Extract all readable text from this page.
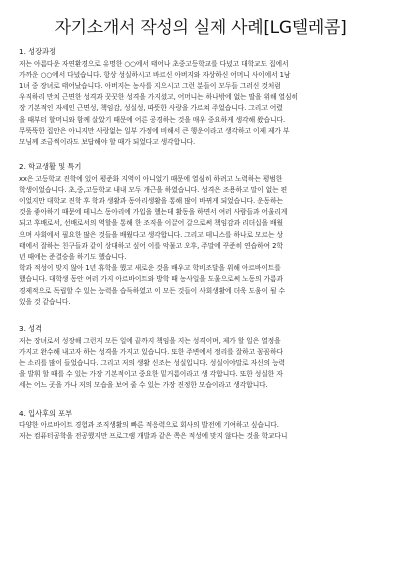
자기소개서 작성의 실제 사례[LG텔레콤]
1. 성장과정
저는 아름다운 자연환경으로 유명한 ○○에서 태어나 초중고등학교를 다녔고 대학교도 집에서
가까운 ○○에서 다녔습니다. 항상 성실하시고 바르신 아버지와 자상하신 어머니 사이에서 1남
1녀 중 장녀로 태어났습니다. 아버지는 농사를 지으시고 그런 분들이 모두들 그러신 것처럼
우직하리 만치 근면한 성격과 꿋꿋한 성격을 가지셨고, 어머니는 하나밖에 없는 딸을 위해 열심히
장 기본적인 자세인 근면성, 책임감, 성실성, 따뜻한 사랑을 가르쳐 주었습니다. 그리고 어렸
을 때부터 할머니와 함께 살았기 때문에 어른 공경하는 것을 매우 중요하게 생각해 왔습니다.
무뚝뚝한 집안은 아니지만 사랑없는 일부 가정에 비해서 큰 행운이라고 생각하고 이제 제가 부
모님께 조금씩이라도 보답해야 할 때가 되었다고 생각합니다.
2. 학교생활 및 특기
xx은 고등학교 진학에 있어 평준화 지역이 아니었기 때문에 열심히 하려고 노력하는 평범한
학생이었습니다. 초,중,고등학교 내내 모두 개근을 하였습니다. 성격은 조용하고 말이 없는 편
이었지만 대학교 진학 후 학과 생활과 동아리생활을 통해 많이 바뀌게 되었습니다. 운동하는
것을 좋아하기 때문에 테니스 동아리에 가입을 했는데 활동을 하면서 여러 사람들과 어울리게
되고 후배로서, 선배로서의 역할을 통해 한 조직을 이끌어 갈으로써 책임감과 리더십을 배웠
으며 사회에서 필요한 많은 것들을 배웠다고 생각합니다. 그리고 테니스를 하나로 모르는 상
태에서 잘하는 친구들과 같이 상대하고 싶어 이를 악물고 오후, 주말에 꾸준히 연습하여 2학
년 때에는 준결승을 하기도 했습니다.
학과 적성이 맞지 않아 1년 휴학을 했고 새로운 것을 배우고 학비조달을 위해 아르바이트를
했습니다. 대학생 동안 여러 가지 아르바이트와 방학 때 농사일을 도울으로써 노동의 가름과
경제적으로 독립할 수 있는 능력을 습득하였고 이 모든 것들이 사회생활에 더욱 도움이 될 수
있을 것 같습니다.
3. 성격
저는 장녀로서 성장해 그런지 모든 일에 끝까지 책임을 지는 성격이며, 제가 할 일은 열정을
가지고 완수해 내고자 하는 성격을 가지고 있습니다. 또한 주변에서 정리를 잘하고 꼼꼼하다
는 소리를 많이 들었습니다. 그리고 저의 생활 신조는 성실입니다. 성실이야말로 자신의 능력
을 발휘 할 때를 수 있는 가장 기본적이고 중요한 밑거름이라고 생 각합니다. 또한 성실한 자
세는 어느 곳을 가나 저의 모습을 보여 줄 수 있는 가장 진정한 모습이라고 생각합니다.
4. 입사후의 포부
다양한 아르바이트 경험과 조직생활의 빠른 적응력으로 회사의 발전에 기여하고 싶습니다.
저는 컴퓨터공학을 전공했지만 프로그램 개발과 같은 쪽은 적성에 맞지 않다는 것을 학교다니
